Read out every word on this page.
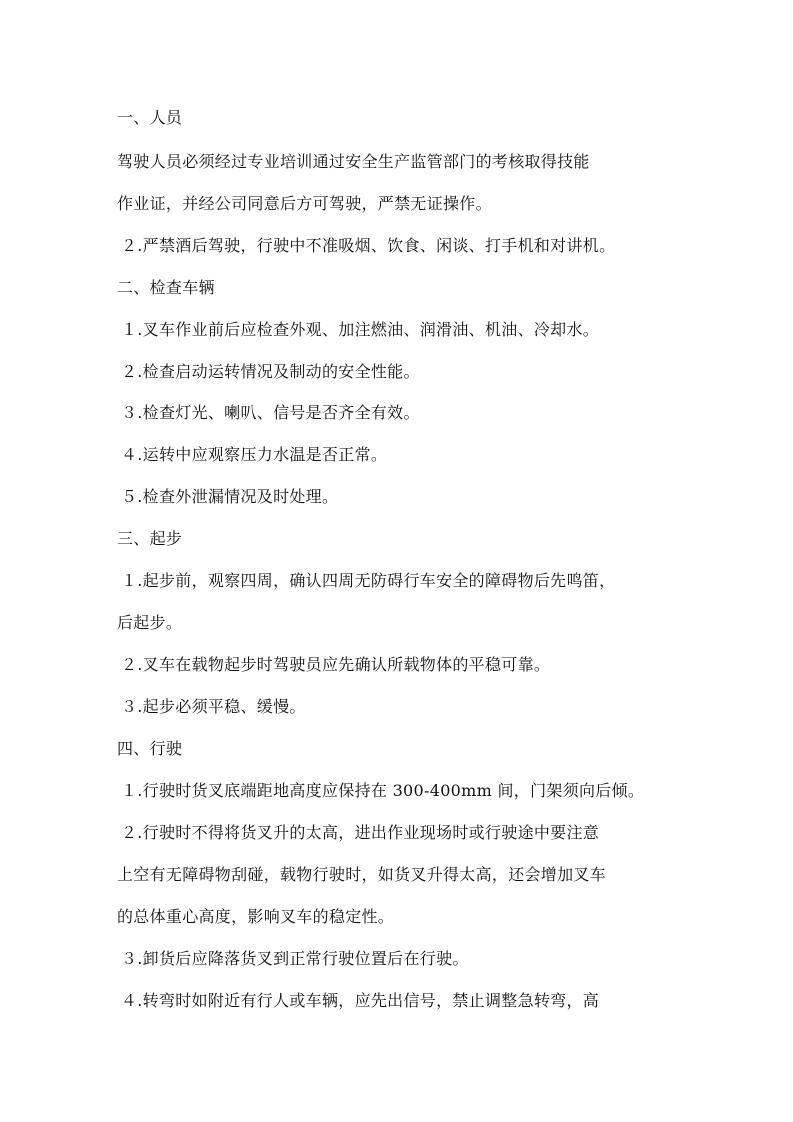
一、人员
驾驶人员必须经过专业培训通过安全生产监管部门的考核取得技能
作业证，并经公司同意后方可驾驶，严禁无证操作。
２.严禁酒后驾驶，行驶中不准吸烟、饮食、闲谈、打手机和对讲机。
二、检查车辆
１.叉车作业前后应检查外观、加注燃油、润滑油、机油、冷却水。
２.检查启动运转情况及制动的安全性能。
３.检查灯光、喇叭、信号是否齐全有效。
４.运转中应观察压力水温是否正常。
５.检查外泄漏情况及时处理。
三、起步
１.起步前，观察四周，确认四周无防碍行车安全的障碍物后先鸣笛，
后起步。
２.叉车在载物起步时驾驶员应先确认所载物体的平稳可靠。
３.起步必须平稳、缓慢。
四、行驶
１.行驶时货叉底端距地高度应保持在 300-400mm 间，门架须向后倾。
２.行驶时不得将货叉升的太高，进出作业现场时或行驶途中要注意
上空有无障碍物刮碰，载物行驶时，如货叉升得太高，还会增加叉车
的总体重心高度，影响叉车的稳定性。
３.卸货后应降落货叉到正常行驶位置后在行驶。
４.转弯时如附近有行人或车辆，应先出信号，禁止调整急转弯，高
